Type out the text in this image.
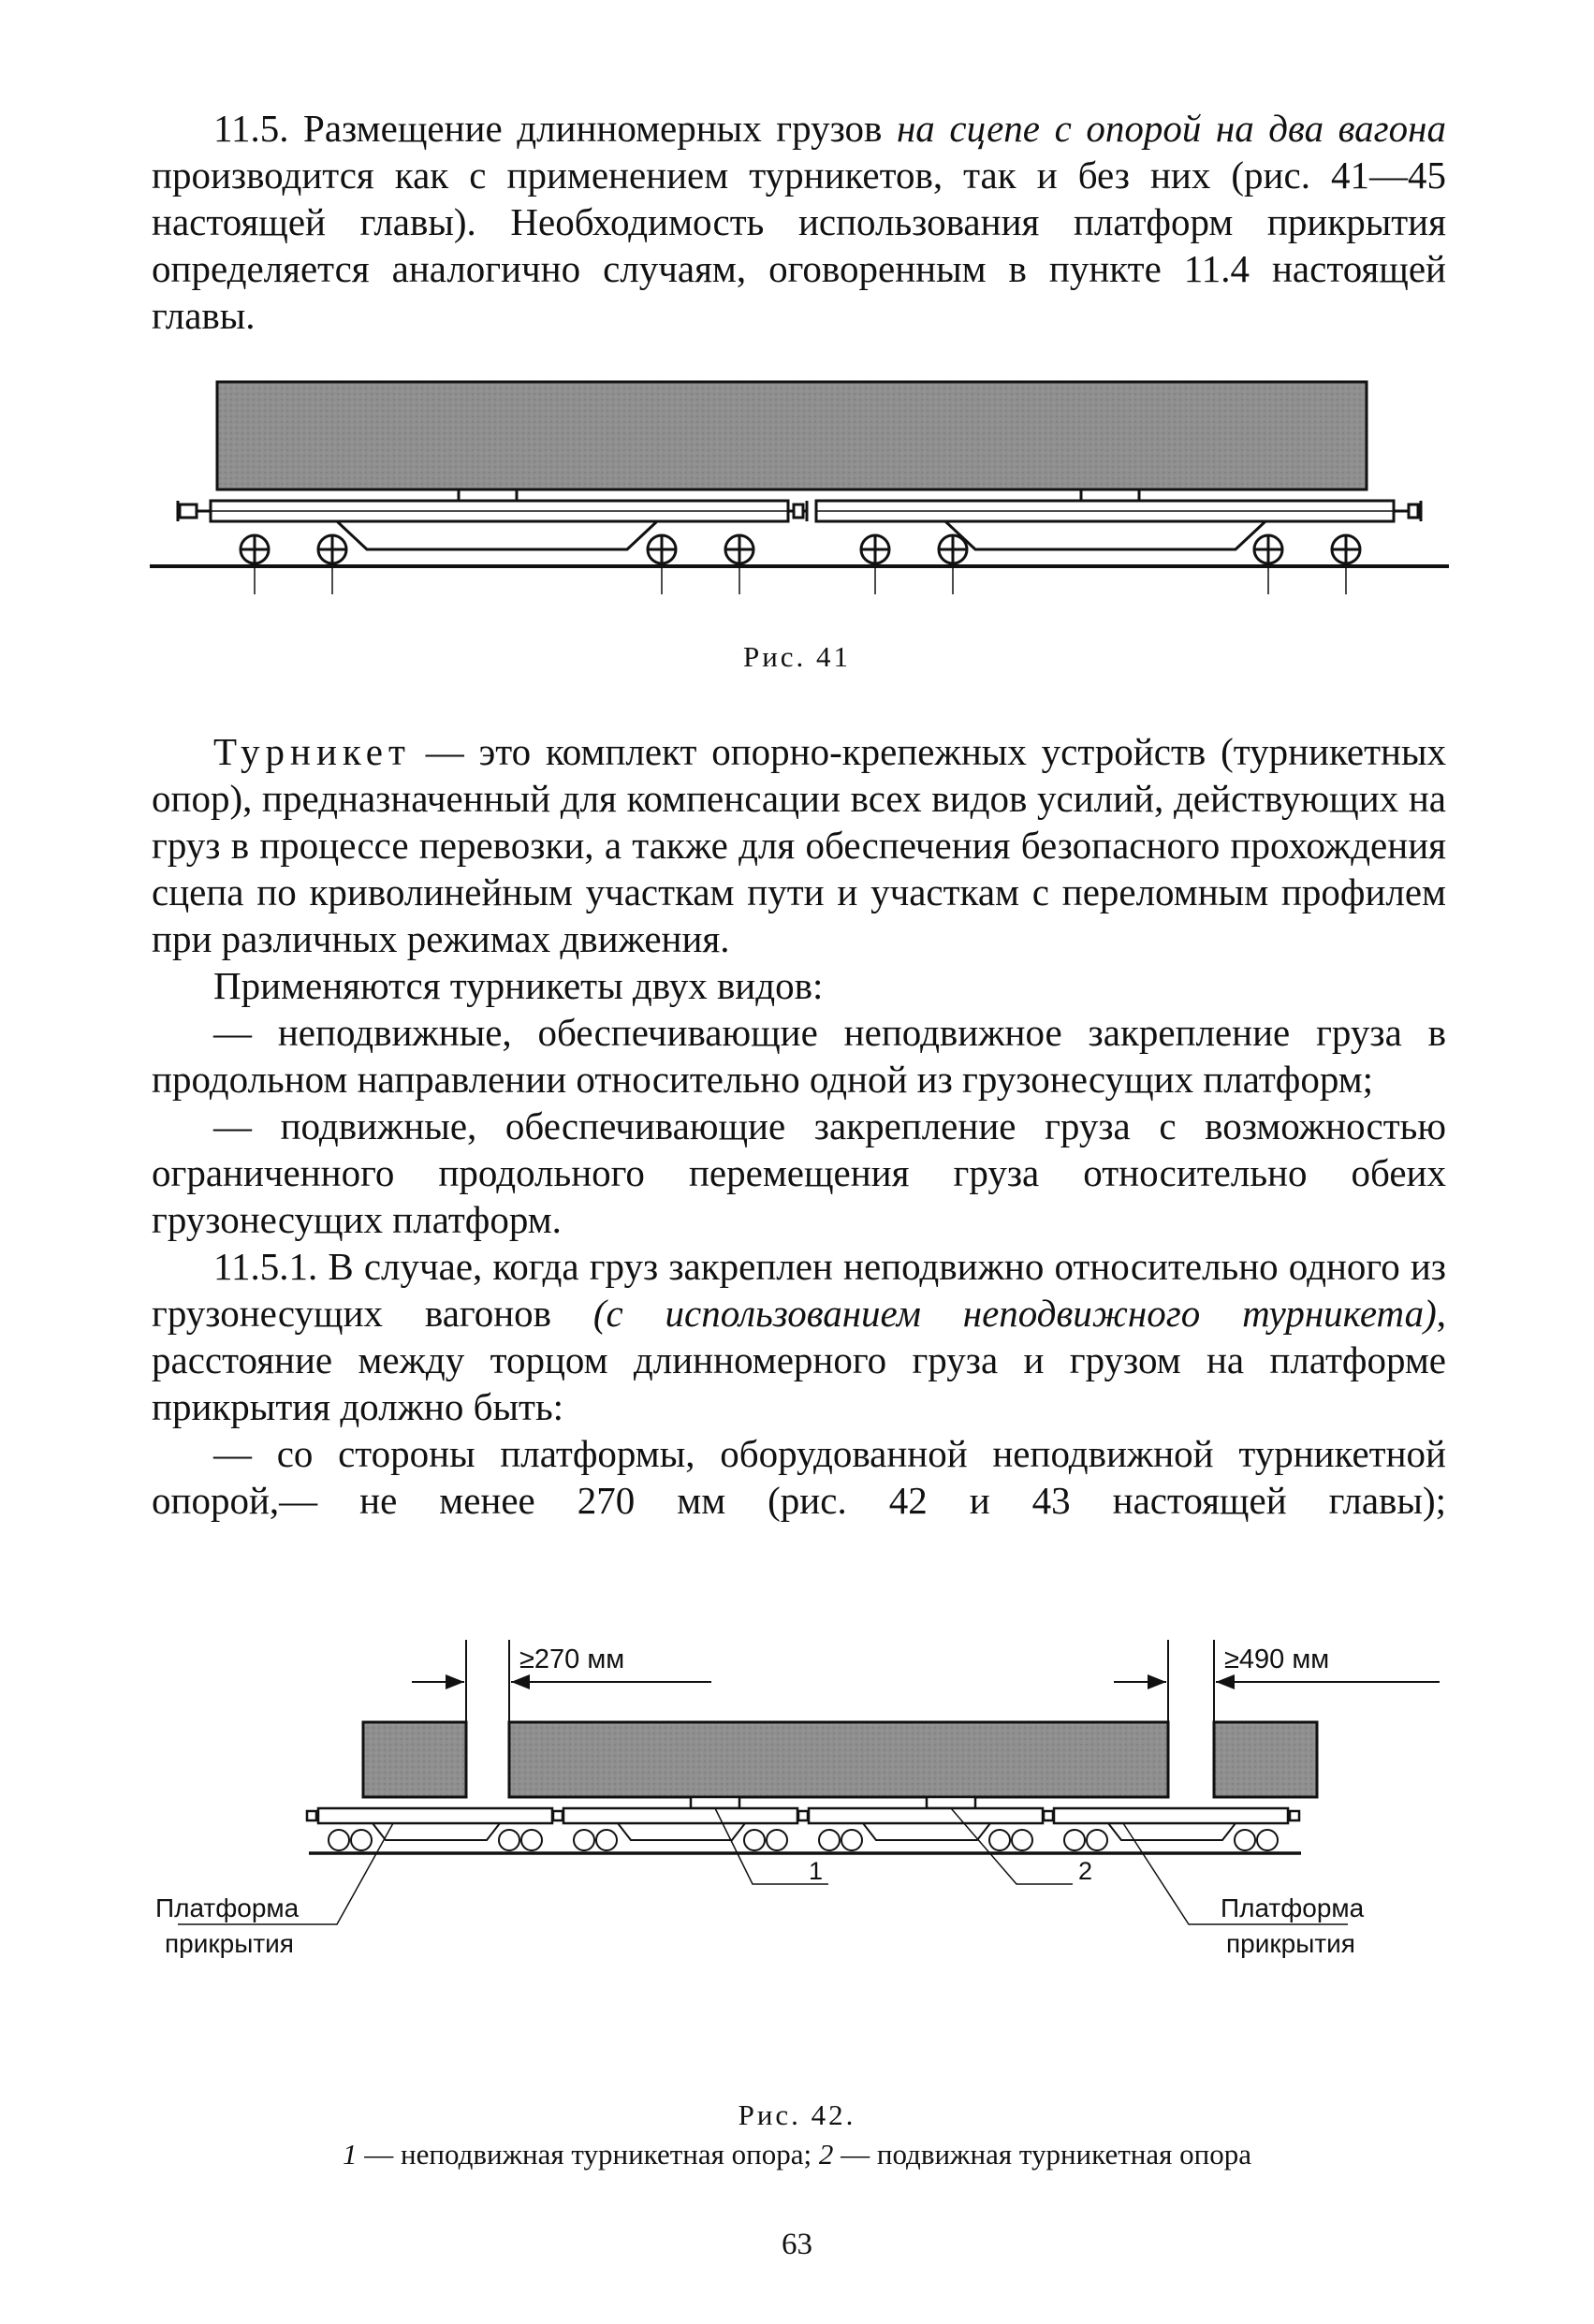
11.5. Размещение длинномерных грузов на сцепе с опорой на два вагона производится как с применением турникетов, так и без них (рис. 41—45 настоящей главы). Необходимость использования платформ прикрытия определяется аналогично случаям, оговоренным в пункте 11.4 настоящей главы.

Рис. 41

Турникет — это комплект опорно-крепежных устройств (турникетных опор), предназначенный для компенсации всех видов усилий, действующих на груз в процессе перевозки, а также для обеспечения безопасного прохождения сцепа по криволинейным участкам пути и участкам с переломным профилем при различных режимах движения.

Применяются турникеты двух видов:

— неподвижные, обеспечивающие неподвижное закрепление груза в продольном направлении относительно одной из грузонесущих платформ;

— подвижные, обеспечивающие закрепление груза с возможностью ограниченного продольного перемещения груза относительно обеих грузонесущих платформ.

11.5.1. В случае, когда груз закреплен неподвижно относительно одного из грузонесущих вагонов (с использованием неподвижного турникета), расстояние между торцом длинномерного груза и грузом на платформе прикрытия должно быть:

— со стороны платформы, оборудованной неподвижной турникетной опорой,— не менее 270 мм (рис. 42 и 43 настоящей главы);

≥270 мм	≥490 мм
1	2
Платформа
прикрытия
Платформа
прикрытия
Рис. 42.
1 — неподвижная турникетная опора; 2 — подвижная турникетная опора
63
